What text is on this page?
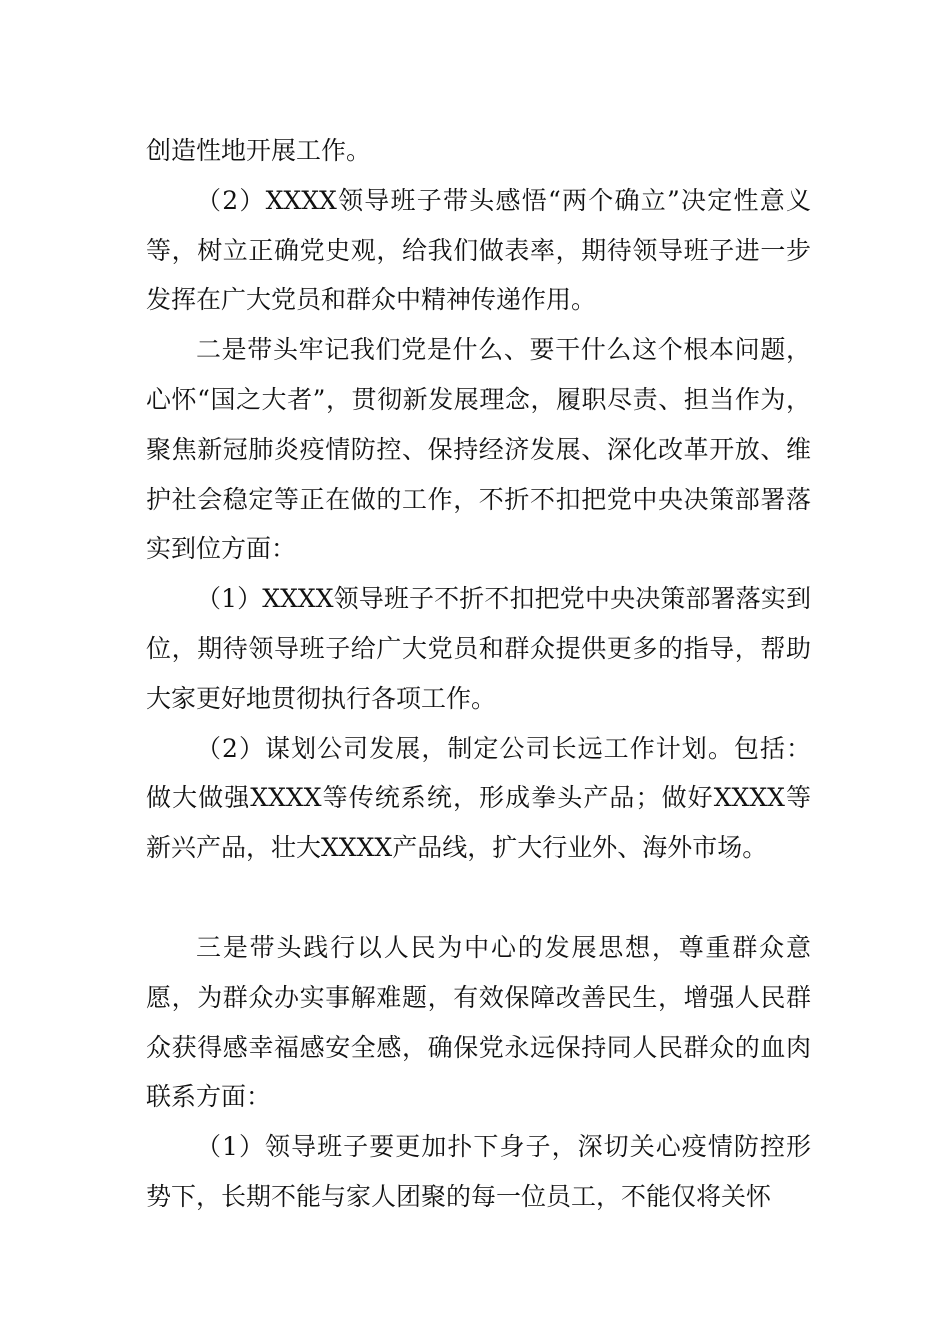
创造性地开展工作。

（2）XXXX领导班子带头感悟“两个确立”决定性意义等，树立正确党史观，给我们做表率，期待领导班子进一步发挥在广大党员和群众中精神传递作用。

二是带头牢记我们党是什么、要干什么这个根本问题，心怀“国之大者”，贯彻新发展理念，履职尽责、担当作为，聚焦新冠肺炎疫情防控、保持经济发展、深化改革开放、维护社会稳定等正在做的工作，不折不扣把党中央决策部署落实到位方面：

（1）XXXX领导班子不折不扣把党中央决策部署落实到位，期待领导班子给广大党员和群众提供更多的指导，帮助大家更好地贯彻执行各项工作。

（2）谋划公司发展，制定公司长远工作计划。包括：做大做强XXXX等传统系统，形成拳头产品；做好XXXX等新兴产品，壮大XXXX产品线，扩大行业外、海外市场。

三是带头践行以人民为中心的发展思想，尊重群众意愿，为群众办实事解难题，有效保障改善民生，增强人民群众获得感幸福感安全感，确保党永远保持同人民群众的血肉联系方面：

（1）领导班子要更加扑下身子，深切关心疫情防控形势下，长期不能与家人团聚的每一位员工，不能仅将关怀
